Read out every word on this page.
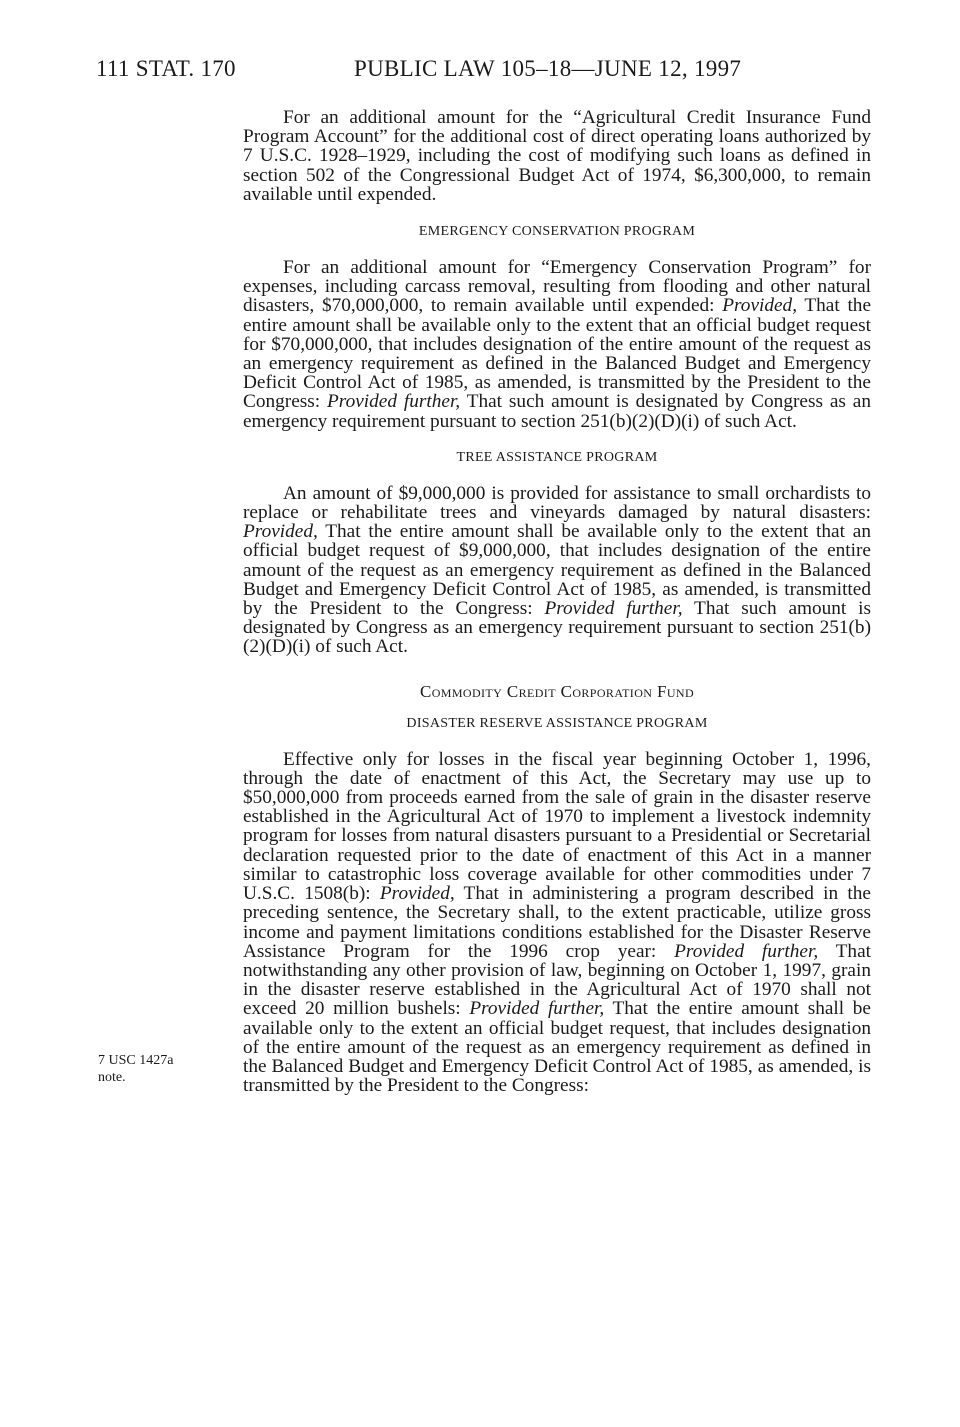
111 STAT. 170	PUBLIC LAW 105–18—JUNE 12, 1997

For an additional amount for the “Agricultural Credit Insurance Fund Program Account” for the additional cost of direct operating loans authorized by 7 U.S.C. 1928–1929, including the cost of modifying such loans as defined in section 502 of the Congressional Budget Act of 1974, $6,300,000, to remain available until expended.

EMERGENCY CONSERVATION PROGRAM

For an additional amount for “Emergency Conservation Program” for expenses, including carcass removal, resulting from flooding and other natural disasters, $70,000,000, to remain available until expended: Provided, That the entire amount shall be available only to the extent that an official budget request for $70,000,000, that includes designation of the entire amount of the request as an emergency requirement as defined in the Balanced Budget and Emergency Deficit Control Act of 1985, as amended, is transmitted by the President to the Congress: Provided further, That such amount is designated by Congress as an emergency requirement pursuant to section 251(b)(2)(D)(i) of such Act.

TREE ASSISTANCE PROGRAM

An amount of $9,000,000 is provided for assistance to small orchardists to replace or rehabilitate trees and vineyards damaged by natural disasters: Provided, That the entire amount shall be available only to the extent that an official budget request of $9,000,000, that includes designation of the entire amount of the request as an emergency requirement as defined in the Balanced Budget and Emergency Deficit Control Act of 1985, as amended, is transmitted by the President to the Congress: Provided further, That such amount is designated by Congress as an emergency requirement pursuant to section 251(b)(2)(D)(i) of such Act.

Commodity Credit Corporation Fund

DISASTER RESERVE ASSISTANCE PROGRAM

Effective only for losses in the fiscal year beginning October 1, 1996, through the date of enactment of this Act, the Secretary may use up to $50,000,000 from proceeds earned from the sale of grain in the disaster reserve established in the Agricultural Act of 1970 to implement a livestock indemnity program for losses from natural disasters pursuant to a Presidential or Secretarial declaration requested prior to the date of enactment of this Act in a manner similar to catastrophic loss coverage available for other commodities under 7 U.S.C. 1508(b): Provided, That in administering a program described in the preceding sentence, the Secretary shall, to the extent practicable, utilize gross income and payment limitations conditions established for the Disaster Reserve Assistance Program for the 1996 crop year: Provided further, That notwithstanding any other provision of law, beginning on October 1, 1997, grain in the disaster reserve established in the Agricultural Act of 1970 shall not exceed 20 million bushels: Provided further, That the entire amount shall be available only to the extent an official budget request, that includes designation of the entire amount of the request as an emergency requirement as defined in the Balanced Budget and Emergency Deficit Control Act of 1985, as amended, is transmitted by the President to the Congress:

7 USC 1427a
note.
